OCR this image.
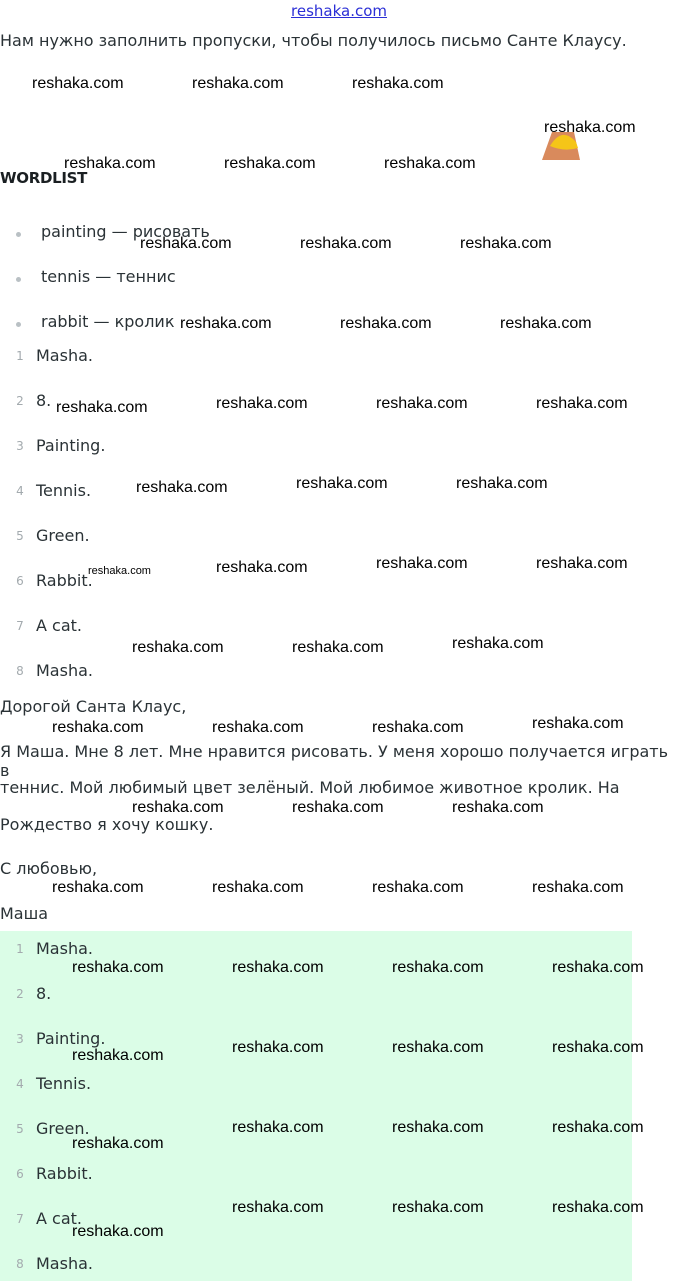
reshaka.com
Нам нужно заполнить пропуски, чтобы получилось письмо Санте Клаусу.
WORDLIST
painting — рисовать
tennis — теннис
rabbit — кролик
1 Masha.
2 8.
3 Painting.
4 Tennis.
5 Green.
6 Rabbit.
7 A cat.
8 Masha.
Дорогой Санта Клаус,
Я Маша. Мне 8 лет. Мне нравится рисовать. У меня хорошо получается играть в
теннис. Мой любимый цвет зелёный. Мой любимое животное кролик. На
Рождество я хочу кошку.
С любовью,
Маша
1 Masha.
2 8.
3 Painting.
4 Tennis.
5 Green.
6 Rabbit.
7 A cat.
8 Masha.
reshaka.com	reshaka.com	reshaka.com
reshaka.com
reshaka.com	reshaka.com	reshaka.com
reshaka.com	reshaka.com	reshaka.com
reshaka.com	reshaka.com	reshaka.com
reshaka.com	reshaka.com	reshaka.com	reshaka.com
reshaka.com	reshaka.com	reshaka.com
reshaka.com	reshaka.com	reshaka.com	reshaka.com
reshaka.com	reshaka.com	reshaka.com
reshaka.com	reshaka.com	reshaka.com	reshaka.com
reshaka.com	reshaka.com	reshaka.com
reshaka.com	reshaka.com	reshaka.com	reshaka.com
reshaka.com	reshaka.com	reshaka.com	reshaka.com
reshaka.com	reshaka.com	reshaka.com	reshaka.com
reshaka.com
reshaka.com	reshaka.com	reshaka.com
reshaka.com
reshaka.com	reshaka.com	reshaka.com
